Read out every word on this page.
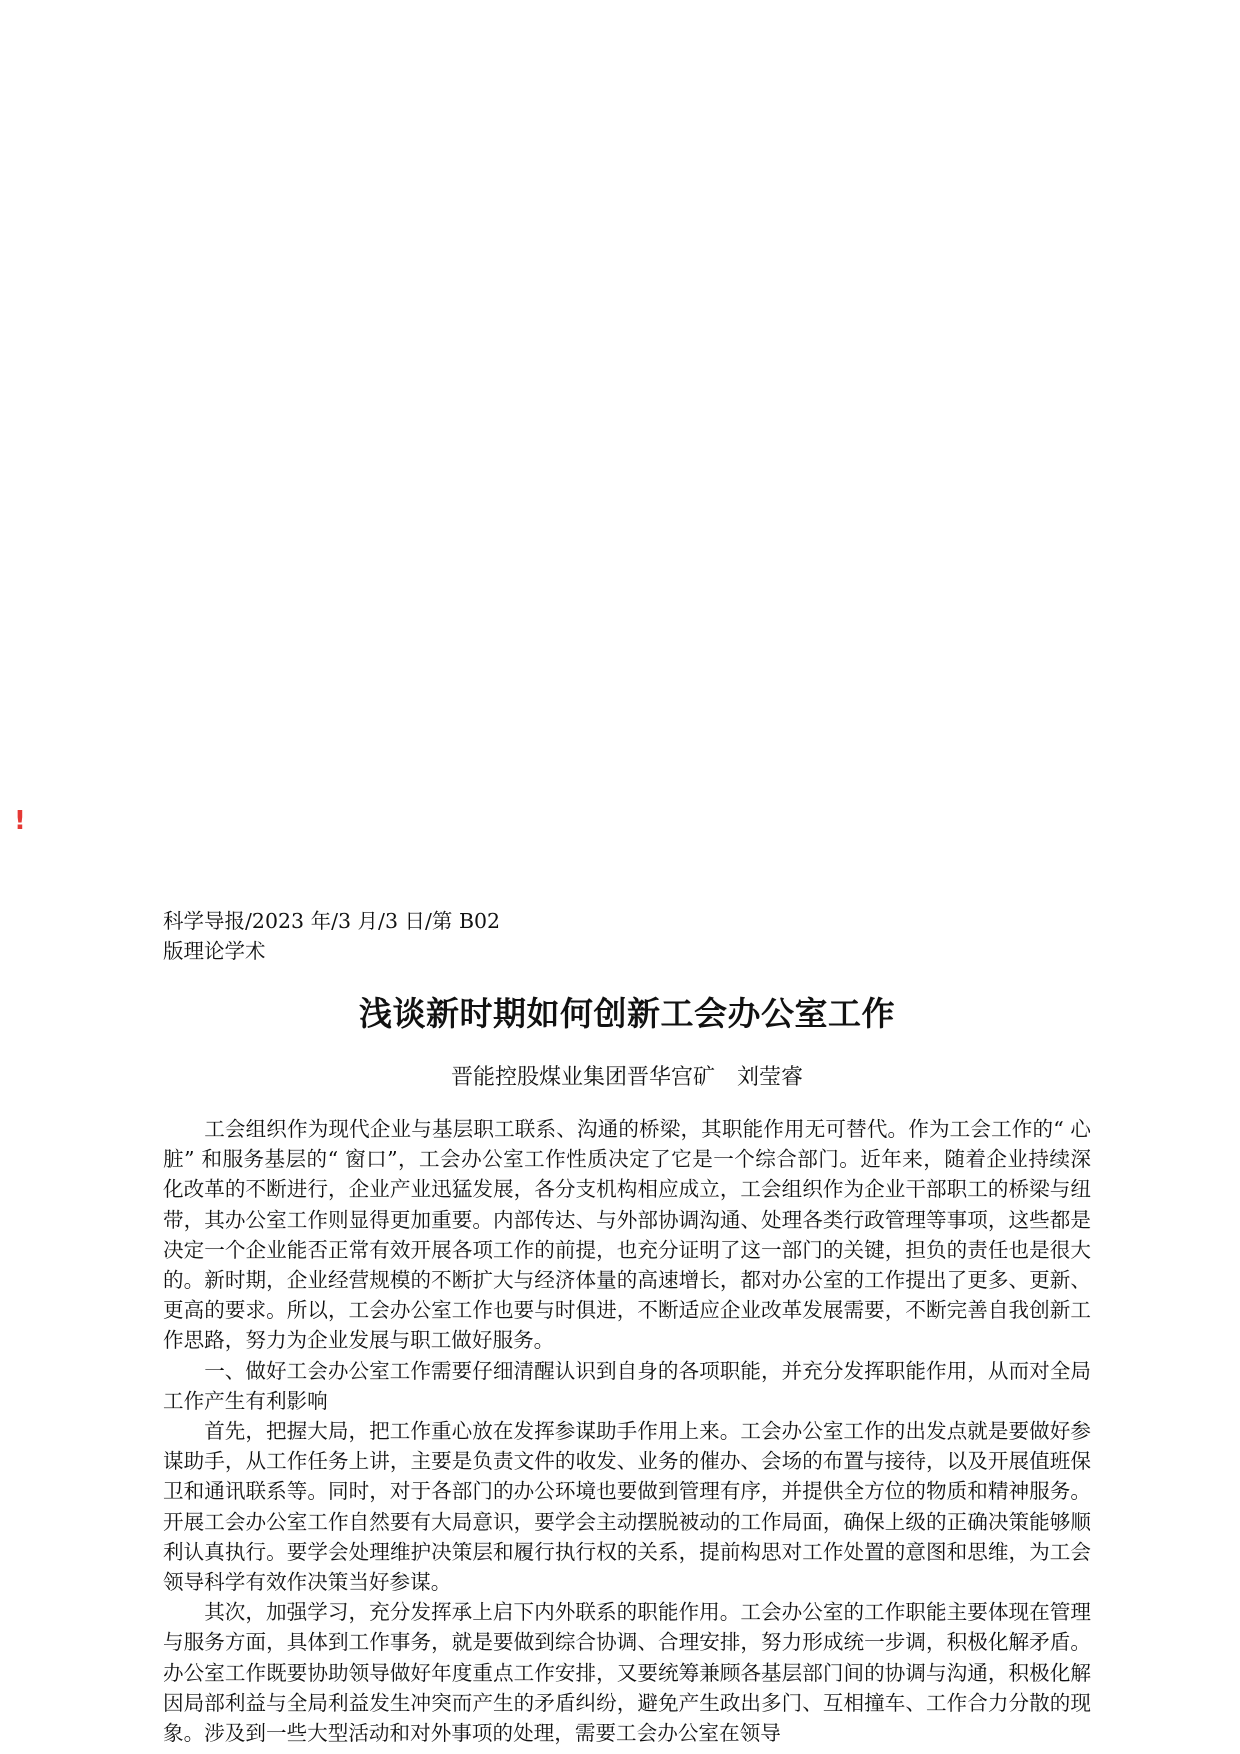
!

科学导报/2023 年/3 月/3 日/第 B02 版理论学术

浅谈新时期如何创新工会办公室工作
晋能控股煤业集团晋华宫矿 刘莹睿

工会组织作为现代企业与基层职工联系、沟通的桥梁，其职能作用无可替代。作为工会工作的“ 心脏” 和服务基层的“ 窗口”，工会办公室工作性质决定了它是一个综合部门。近年来，随着企业持续深化改革的不断进行，企业产业迅猛发展，各分支机构相应成立，工会组织作为企业干部职工的桥梁与纽带，其办公室工作则显得更加重要。内部传达、与外部协调沟通、处理各类行政管理等事项，这些都是决定一个企业能否正常有效开展各项工作的前提，也充分证明了这一部门的关键，担负的责任也是很大的。新时期，企业经营规模的不断扩大与经济体量的高速增长，都对办公室的工作提出了更多、更新、更高的要求。所以，工会办公室工作也要与时俱进，不断适应企业改革发展需要，不断完善自我创新工作思路，努力为企业发展与职工做好服务。

一、做好工会办公室工作需要仔细清醒认识到自身的各项职能，并充分发挥职能作用，从而对全局工作产生有利影响

首先，把握大局，把工作重心放在发挥参谋助手作用上来。工会办公室工作的出发点就是要做好参谋助手，从工作任务上讲，主要是负责文件的收发、业务的催办、会场的布置与接待，以及开展值班保卫和通讯联系等。同时，对于各部门的办公环境也要做到管理有序，并提供全方位的物质和精神服务。开展工会办公室工作自然要有大局意识，要学会主动摆脱被动的工作局面，确保上级的正确决策能够顺利认真执行。要学会处理维护决策层和履行执行权的关系，提前构思对工作处置的意图和思维，为工会领导科学有效作决策当好参谋。

其次，加强学习，充分发挥承上启下内外联系的职能作用。工会办公室的工作职能主要体现在管理与服务方面，具体到工作事务，就是要做到综合协调、合理安排，努力形成统一步调，积极化解矛盾。办公室工作既要协助领导做好年度重点工作安排，又要统筹兼顾各基层部门间的协调与沟通，积极化解因局部利益与全局利益发生冲突而产生的矛盾纠纷，避免产生政出多门、互相撞车、工作合力分散的现象。涉及到一些大型活动和对外事项的处理，需要工会办公室在领导
